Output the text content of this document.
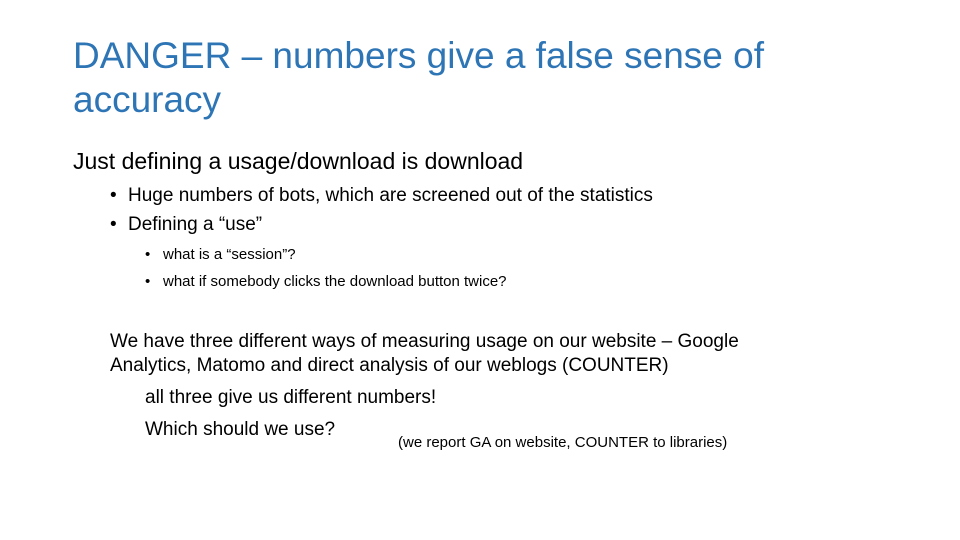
DANGER – numbers give a false sense of accuracy
Just defining a usage/download is download
• Huge numbers of bots, which are screened out of the statistics
• Defining a “use”
• what is a “session”?
• what if somebody clicks the download button twice?
We have three different ways of measuring usage on our website – Google
Analytics, Matomo and direct analysis of our weblogs (COUNTER)
all three give us different numbers!
Which should we use?
(we report GA on website, COUNTER to libraries)
